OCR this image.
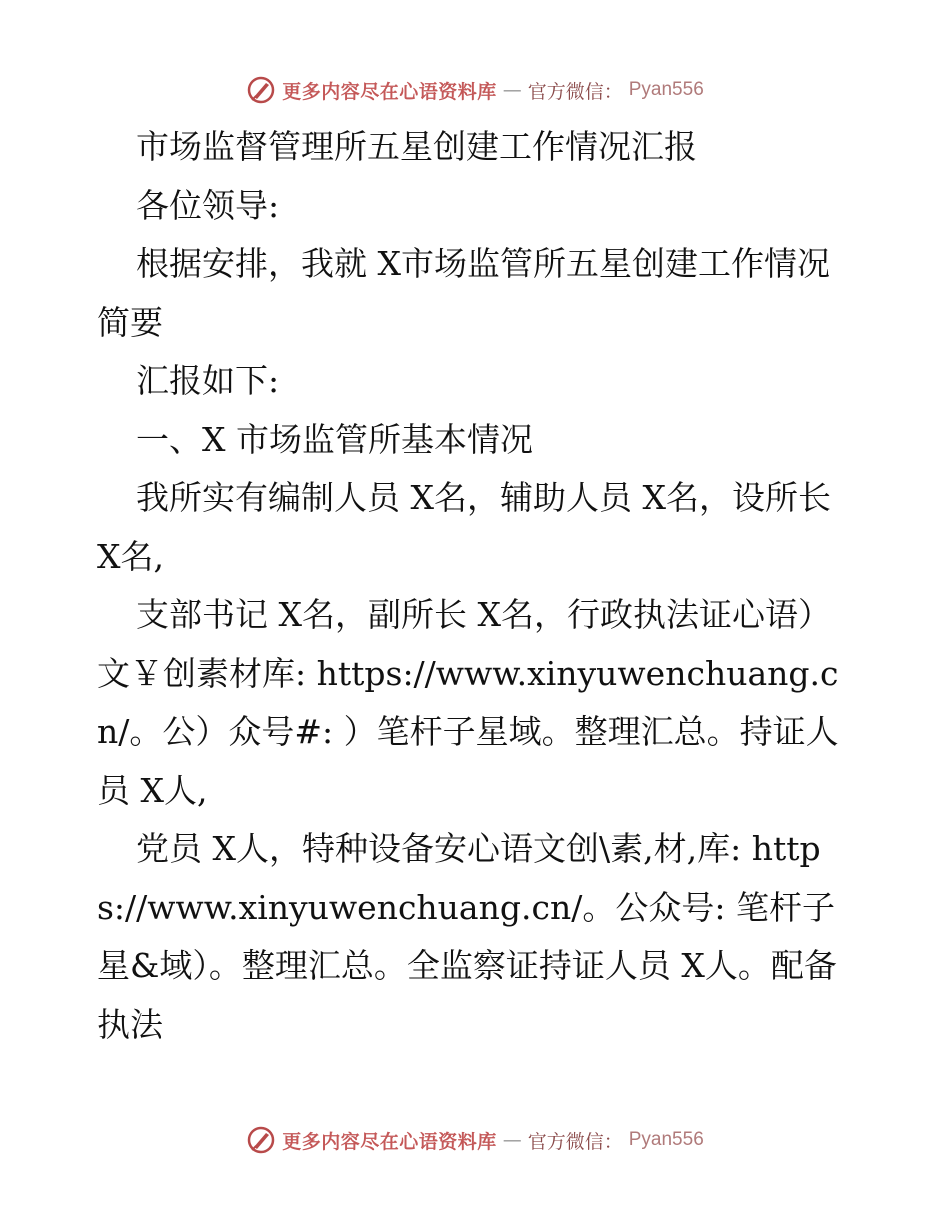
更多内容尽在心语资料库 — 官方微信： Pyan556

市场监督管理所五星创建工作情况汇报

各位领导:

根据安排，我就 X市场监管所五星创建工作情况简要

汇报如下:

一、X 市场监管所基本情况

我所实有编制人员 X名，辅助人员 X名，设所长 X名,

支部书记 X名，副所长 X名，行政执法证心语）文￥创素材库: https://www.xinyuwenchuang.cn/。公）众号#: ）笔杆子星域。整理汇总。持证人员 X人,

党员 X人，特种设备安心语文创\素,材,库: https://www.xinyuwenchuang.cn/。公众号: 笔杆子星&域）。整理汇总。全监察证持证人员 X人。配备执法

更多内容尽在心语资料库 — 官方微信： Pyan556
